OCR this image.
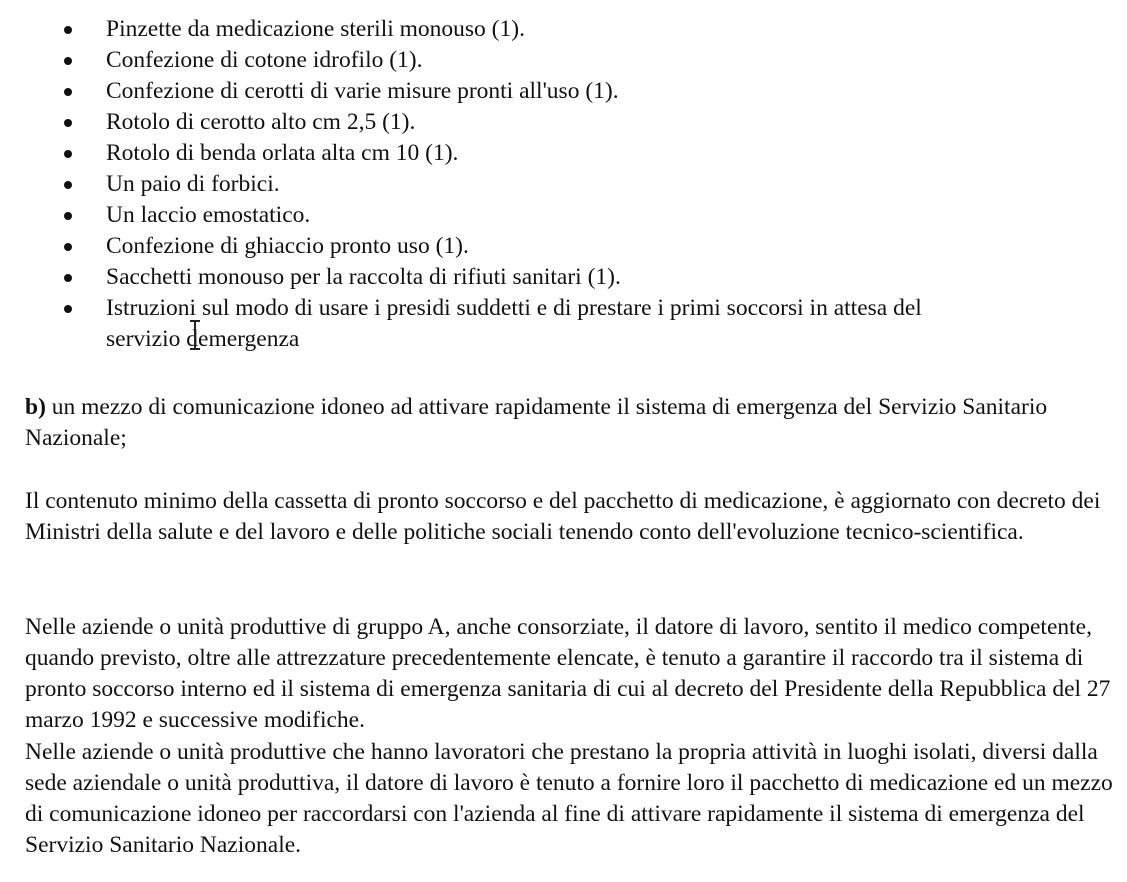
Pinzette da medicazione sterili monouso (1).
Confezione di cotone idrofilo (1).
Confezione di cerotti di varie misure pronti all'uso (1).
Rotolo di cerotto alto cm 2,5 (1).
Rotolo di benda orlata alta cm 10 (1).
Un paio di forbici.
Un laccio emostatico.
Confezione di ghiaccio pronto uso (1).
Sacchetti monouso per la raccolta di rifiuti sanitari (1).
Istruzioni sul modo di usare i presidi suddetti e di prestare i primi soccorsi in attesa del
servizio demergenza

b) un mezzo di comunicazione idoneo ad attivare rapidamente il sistema di emergenza del Servizio Sanitario Nazionale;

Il contenuto minimo della cassetta di pronto soccorso e del pacchetto di medicazione, è aggiornato con decreto dei Ministri della salute e del lavoro e delle politiche sociali tenendo conto dell'evoluzione tecnico-scientifica.

Nelle aziende o unità produttive di gruppo A, anche consorziate, il datore di lavoro, sentito il medico competente, quando previsto, oltre alle attrezzature precedentemente elencate, è tenuto a garantire il raccordo tra il sistema di pronto soccorso interno ed il sistema di emergenza sanitaria di cui al decreto del Presidente della Repubblica del 27 marzo 1992 e successive modifiche.

Nelle aziende o unità produttive che hanno lavoratori che prestano la propria attività in luoghi isolati, diversi dalla sede aziendale o unità produttiva, il datore di lavoro è tenuto a fornire loro il pacchetto di medicazione ed un mezzo di comunicazione idoneo per raccordarsi con l'azienda al fine di attivare rapidamente il sistema di emergenza del Servizio Sanitario Nazionale.
